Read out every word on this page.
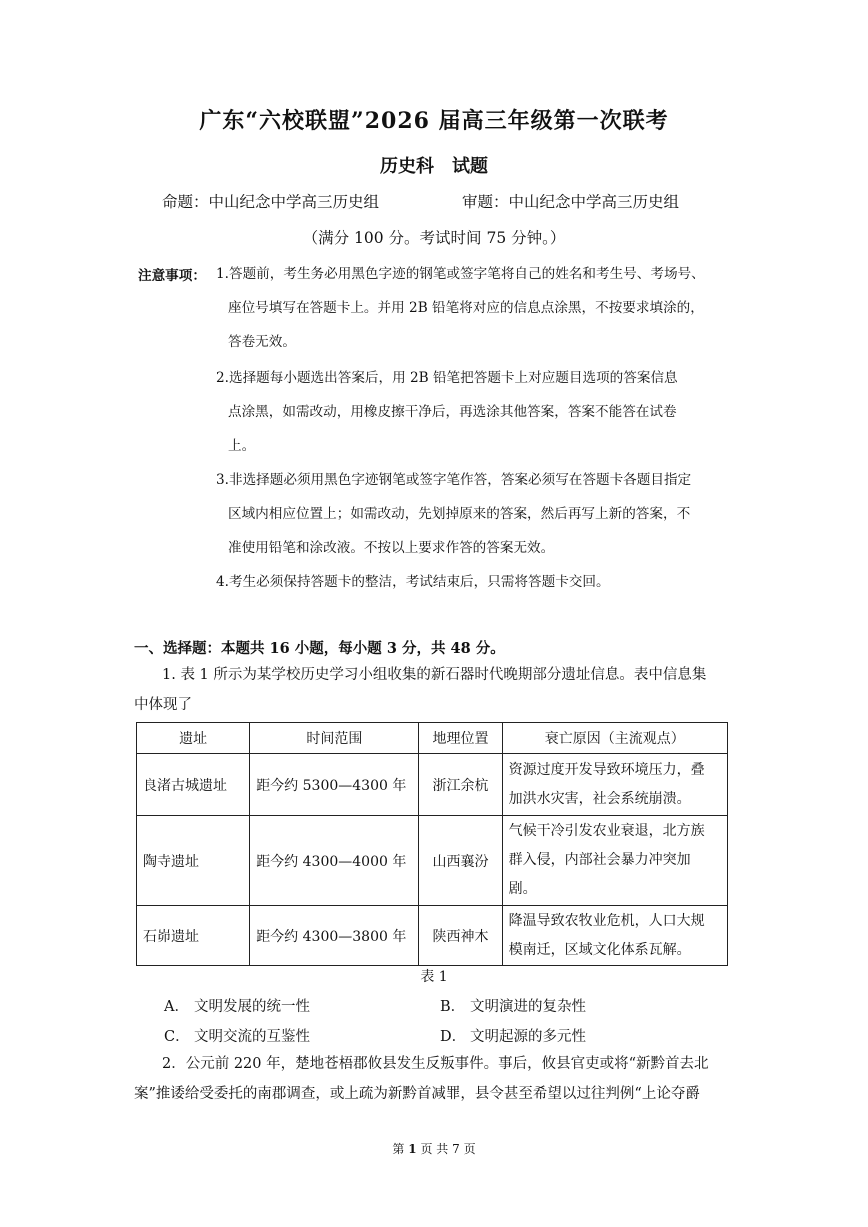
广东“六校联盟”2026 届高三年级第一次联考
历史科　试题
命题：中山纪念中学高三历史组	审题：中山纪念中学高三历史组
（满分 100 分。考试时间 75 分钟。）
注意事项： 1.答题前，考生务必用黑色字迹的钢笔或签字笔将自己的姓名和考生号、考场号、
座位号填写在答题卡上。并用 2B 铅笔将对应的信息点涂黑，不按要求填涂的，
答卷无效。
2.选择题每小题选出答案后，用 2B 铅笔把答题卡上对应题目选项的答案信息
点涂黑，如需改动，用橡皮擦干净后，再选涂其他答案，答案不能答在试卷
上。
3.非选择题必须用黑色字迹钢笔或签字笔作答，答案必须写在答题卡各题目指定
区域内相应位置上；如需改动，先划掉原来的答案，然后再写上新的答案，不
准使用铅笔和涂改液。不按以上要求作答的答案无效。
4.考生必须保持答题卡的整洁，考试结束后，只需将答题卡交回。
一、选择题：本题共 16 小题，每小题 3 分，共 48 分。
1. 表 1 所示为某学校历史学习小组收集的新石器时代晚期部分遗址信息。表中信息集
中体现了
遗址	时间范围	地理位置	衰亡原因（主流观点）
良渚古城遗址	距今约 5300—4300 年	浙江余杭	资源过度开发导致环境压力，叠
加洪水灾害，社会系统崩溃。

陶寺遗址	距今约 4300—4000 年	山西襄汾	气候干冷引发农业衰退，北方族
群入侵，内部社会暴力冲突加
剧。

石峁遗址	距今约 4300—3800 年	陕西神木	降温导致农牧业危机，人口大规
模南迁，区域文化体系瓦解。
表 1
A． 文明发展的统一性	B． 文明演进的复杂性
C． 文明交流的互鉴性	D． 文明起源的多元性
2．公元前 220 年，楚地苍梧郡攸县发生反叛事件。事后，攸县官吏或将“新黔首去北
案”推诿给受委托的南郡调查，或上疏为新黔首减罪，县令甚至希望以过往判例“上论夺爵
第 1 页 共 7 页
